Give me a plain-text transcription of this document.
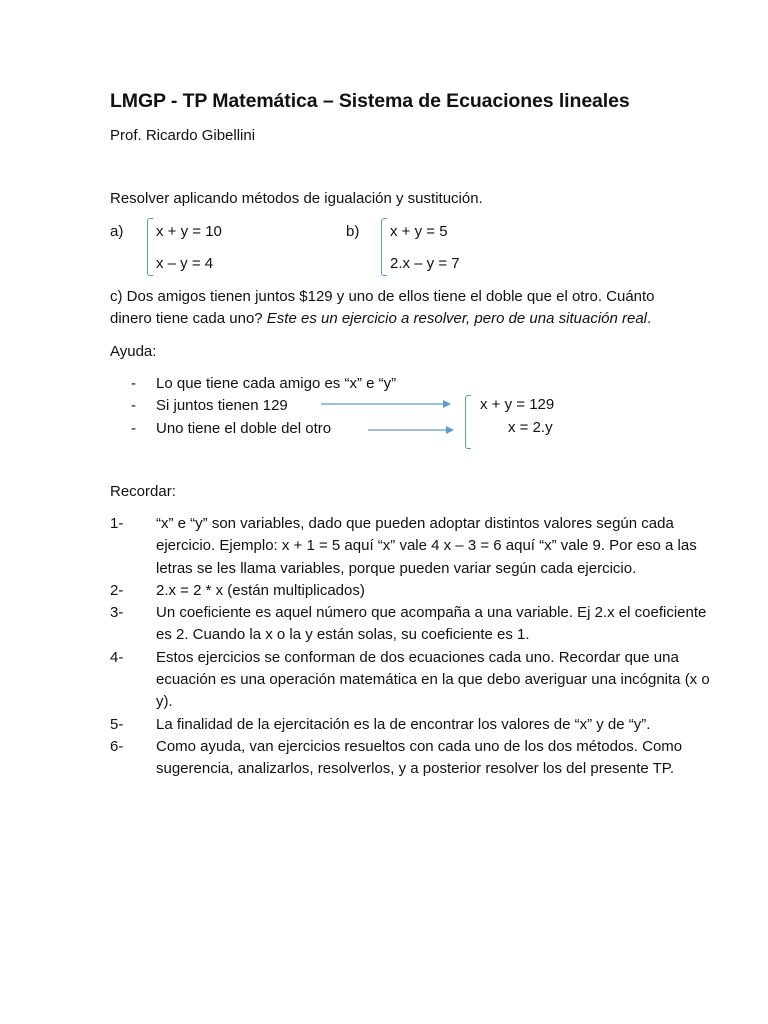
LMGP - TP Matemática – Sistema de Ecuaciones lineales
Prof. Ricardo Gibellini
Resolver aplicando métodos de igualación y sustitución.
a) x + y = 10
x – y = 4
b) x + y = 5
2.x – y = 7
c) Dos amigos tienen juntos $129 y uno de ellos tiene el doble que el otro. Cuánto
dinero tiene cada uno? Este es un ejercicio a resolver, pero de una situación real.
Ayuda:
-	Lo que tiene cada amigo es “x” e “y”
-	Si juntos tienen 129
-	Uno tiene el doble del otro
x + y = 129
x = 2.y
Recordar:
1-	“x” e “y” son variables, dado que pueden adoptar distintos valores según cada ejercicio. Ejemplo: x + 1 = 5 aquí “x” vale 4 x – 3 = 6 aquí “x” vale 9. Por eso a las letras se les llama variables, porque pueden variar según cada ejercicio.
2-	2.x = 2 * x (están multiplicados)
3-	Un coeficiente es aquel número que acompaña a una variable. Ej 2.x el coeficiente es 2. Cuando la x o la y están solas, su coeficiente es 1.
4-	Estos ejercicios se conforman de dos ecuaciones cada uno. Recordar que una ecuación es una operación matemática en la que debo averiguar una incógnita (x o y).
5-	La finalidad de la ejercitación es la de encontrar los valores de “x” y de “y”.
6-	Como ayuda, van ejercicios resueltos con cada uno de los dos métodos. Como sugerencia, analizarlos, resolverlos, y a posterior resolver los del presente TP.
